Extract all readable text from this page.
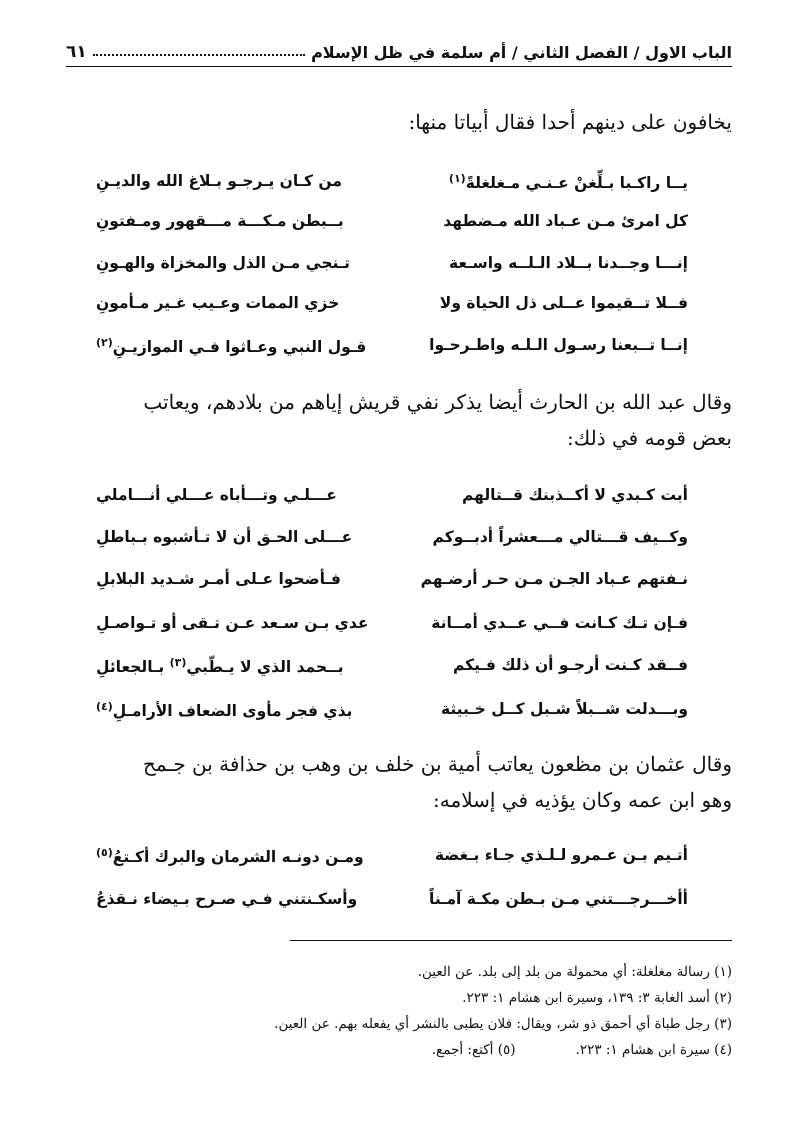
الباب الاول / الفصل الثاني / أم سلمة في ظل الإسلام
٦١
يخافون على دينهم أحدا فقال أبياتا منها:
يــا راكـبا بـلِّغنْ عـنـي مـغلغلةً$^{(١)}$
من كـان يـرجـو بـلاغ الله والديـنِ
كل امرئ مـن عـباد الله مـضطهد
بــبطن مـكـــة مـــقهور ومـفتونِ
إنـــا وجــدنا بــلاد الـلــه واسـعة
تـنجي مـن الذل والمخزاة والهـونِ
فــلا تــقيموا عــلى ذل الحياة ولا
خزي الممات وعـيب غـير مـأمونِ
إنــا تــبعنا رسـول الـلـه واطـرحـوا
قـول النبي وعـاثوا فـي الموازيـنِ$^{(٢)}$
وقال عبد الله بن الحارث أيضا يذكر نفي قريش إياهم من بلادهم، ويعاتب
بعض قومه في ذلك:
أبت كـبدي لا أكــذبنك قــتالهم
عـــلـي وتـــأباه عـــلي أنـــاملي
وكــيف قـــتالي مـــعشراً أدبــوكم
عـــلى الحـق أن لا تـأشبوه بـباطلِ
نـفتهم عـباد الجـن مـن حـر أرضـهم
فـأضحوا عـلى أمـر شـديد البلابلِ
فـإن تـك كـانت فــي عــدي أمــانة
عدي بـن سـعد عـن تـقى أو تـواصـلِ
فــقد كـنت أرجـو أن ذلك فـيكم
بــحمد الذي لا يـطّبي$^{(٣)}$ بـالجعائلِ
وبـــدلت شــبلاً شـبل كــل خـبيثة
بذي فجر مأوى الضعاف الأرامـلِ$^{(٤)}$
وقال عثمان بن مظعون يعاتب أمية بن خلف بن وهب بن حذافة بن جـمح
وهو ابن عمه وكان يؤذيه في إسلامه:
أتـيم بـن عـمرو لـلـذي جـاء بـغضة
ومـن دونـه الشرمان والبرك أكـتعُ$^{(٥)}$
أأخـــرجـــتني مـن بـطن مكـة آمـناً
وأسكـنتني فـي صـرح بـيضاء نـقذعُ
(١) رسالة مغلغلة: أي محمولة من بلد إلى بلد. عن العين.
(٢) أسد الغابة ٣: ١٣٩، وسيرة ابن هشام ١: ٢٢٣.
(٣) رجل طباة أي أحمق ذو شر، ويقال: فلان يطبى بالنشر أي يفعله بهم. عن العين.
(٤) سيرة ابن هشام ١: ٢٢٣.
(٥) أكتع: أجمع.
